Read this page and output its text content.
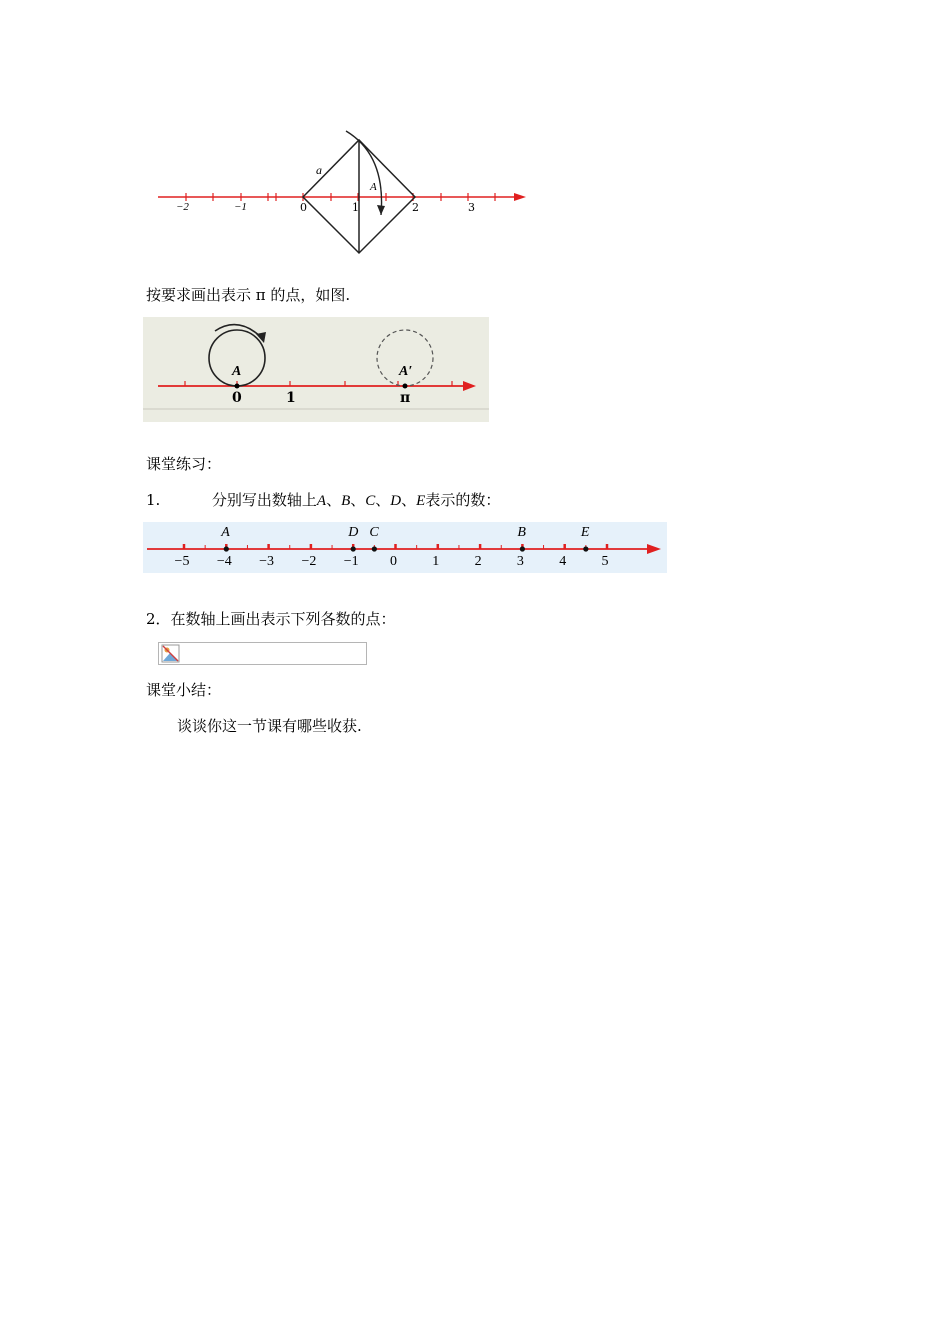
−2	−1	0	1	2	3
a
A
按要求画出表示 π 的点，如图.
A	A′
0	1	π
课堂练习：
1.	分别写出数轴上A、B、C、D、E表示的数：
−5	−4	−3	−2	−1	0	1	2	3	4	5
A	D C	B	E
2．在数轴上画出表示下列各数的点：
课堂小结：
谈谈你这一节课有哪些收获.
